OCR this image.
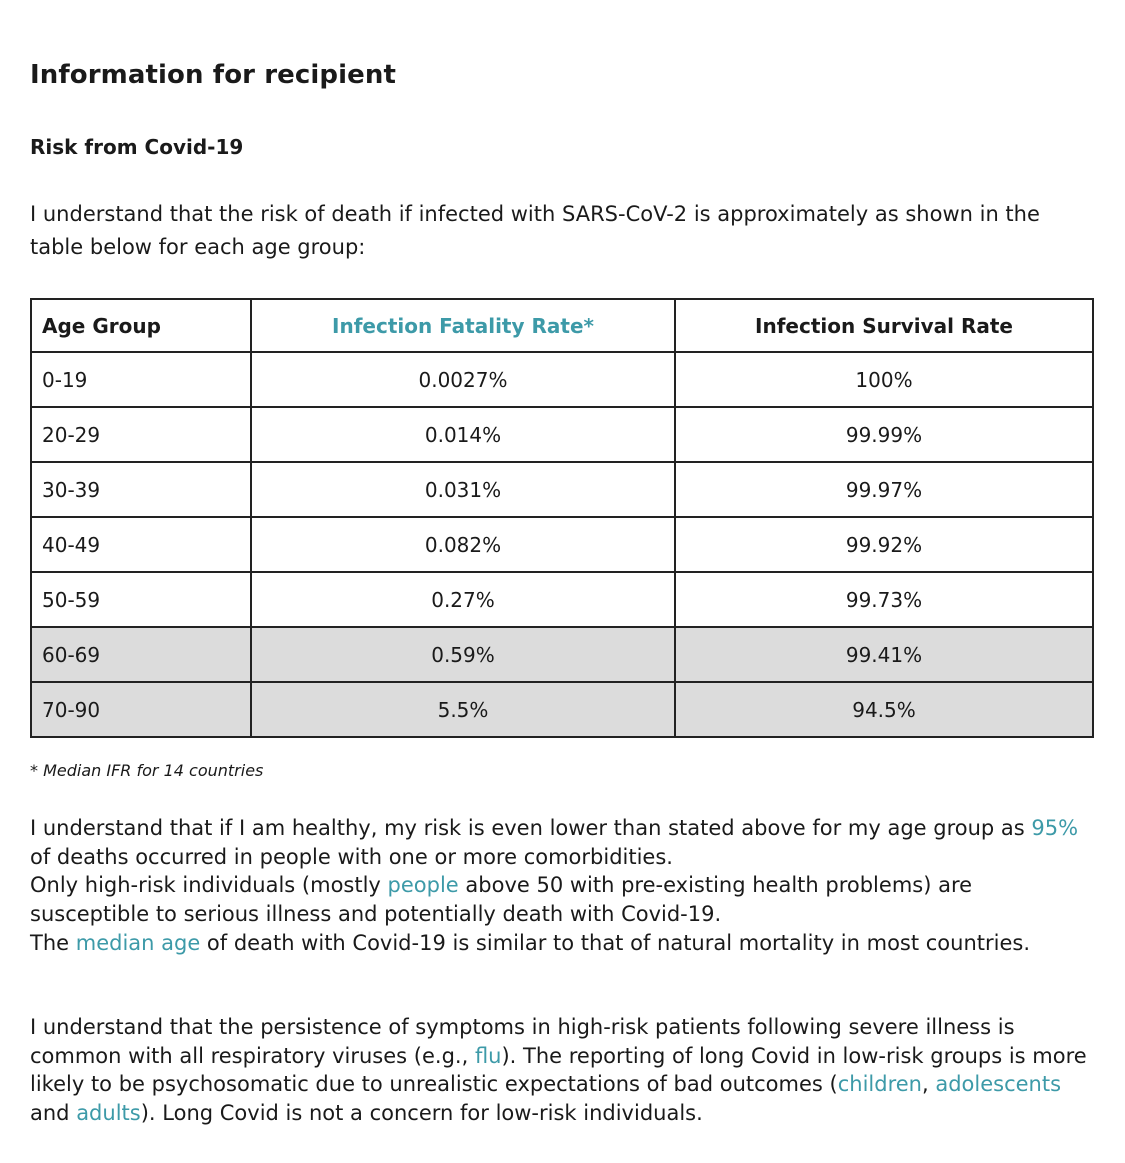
Information for recipient
Risk from Covid-19

I understand that the risk of death if infected with SARS-CoV-2 is approximately as shown in the table below for each age group:

Age Group	Infection Fatality Rate*	Infection Survival Rate
0-19	0.0027%	100%
20-29	0.014%	99.99%
30-39	0.031%	99.97%
40-49	0.082%	99.92%
50-59	0.27%	99.73%
60-69	0.59%	99.41%
70-90	5.5%	94.5%

* Median IFR for 14 countries

I understand that if I am healthy, my risk is even lower than stated above for my age group as 95% of deaths occurred in people with one or more comorbidities.
Only high-risk individuals (mostly people above 50 with pre-existing health problems) are susceptible to serious illness and potentially death with Covid-19.
The median age of death with Covid-19 is similar to that of natural mortality in most countries.

I understand that the persistence of symptoms in high-risk patients following severe illness is common with all respiratory viruses (e.g., flu). The reporting of long Covid in low-risk groups is more likely to be psychosomatic due to unrealistic expectations of bad outcomes (children, adolescents and adults). Long Covid is not a concern for low-risk individuals.
